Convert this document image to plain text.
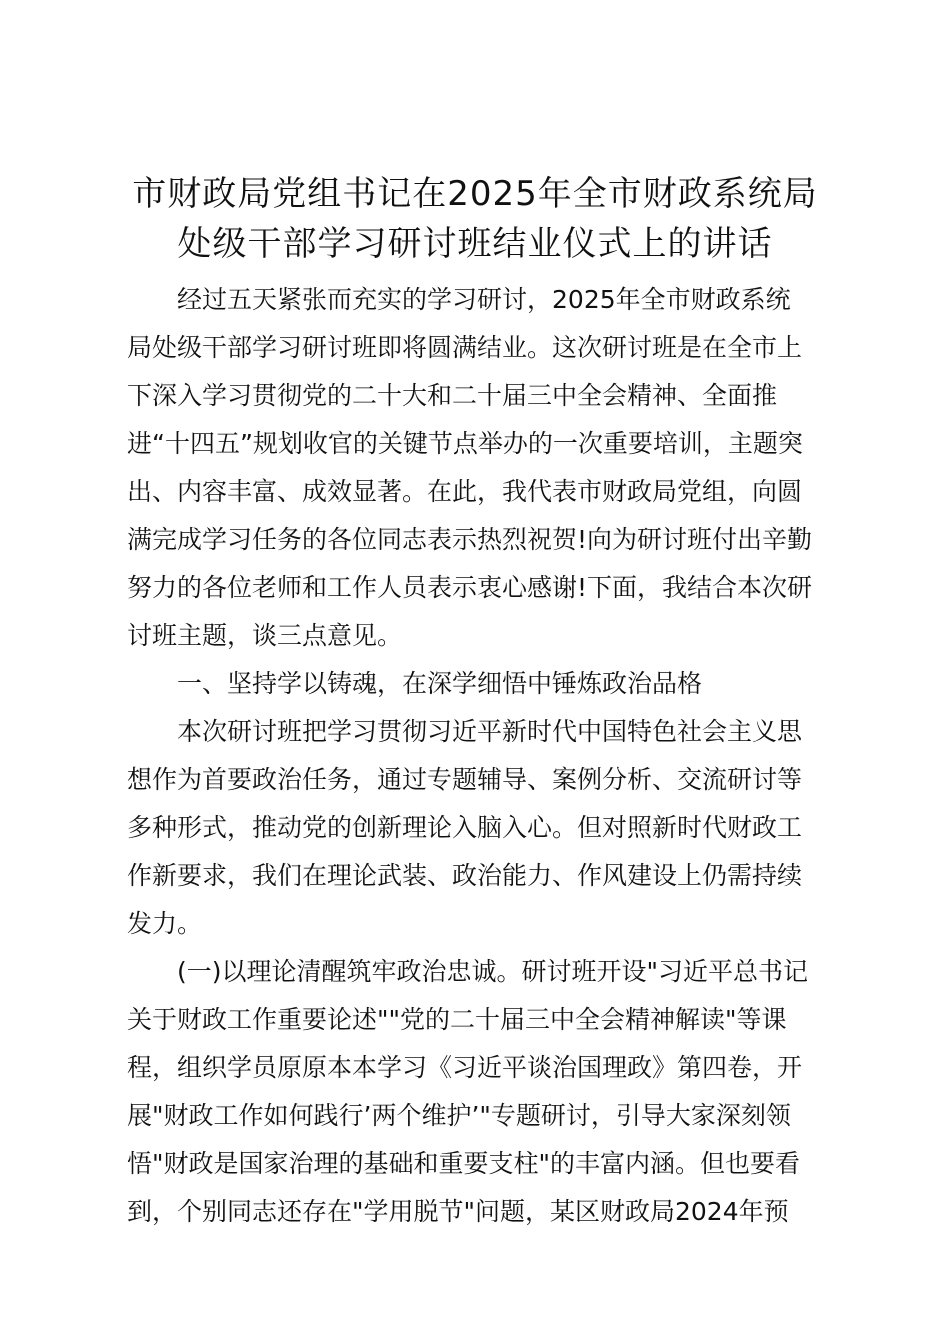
市财政局党组书记在2025年全市财政系统局
处级干部学习研讨班结业仪式上的讲话
经过五天紧张而充实的学习研讨，2025年全市财政系统
局处级干部学习研讨班即将圆满结业。这次研讨班是在全市上
下深入学习贯彻党的二十大和二十届三中全会精神、全面推
进“十四五”规划收官的关键节点举办的一次重要培训，主题突
出、内容丰富、成效显著。在此，我代表市财政局党组，向圆
满完成学习任务的各位同志表示热烈祝贺!向为研讨班付出辛勤
努力的各位老师和工作人员表示衷心感谢!下面，我结合本次研
讨班主题，谈三点意见。
一、坚持学以铸魂，在深学细悟中锤炼政治品格
本次研讨班把学习贯彻习近平新时代中国特色社会主义思
想作为首要政治任务，通过专题辅导、案例分析、交流研讨等
多种形式，推动党的创新理论入脑入心。但对照新时代财政工
作新要求，我们在理论武装、政治能力、作风建设上仍需持续
发力。
(一)以理论清醒筑牢政治忠诚。研讨班开设"习近平总书记
关于财政工作重要论述""党的二十届三中全会精神解读"等课
程，组织学员原原本本学习《习近平谈治国理政》第四卷，开
展"财政工作如何践行’两个维护’"专题研讨，引导大家深刻领
悟"财政是国家治理的基础和重要支柱"的丰富内涵。但也要看
到，个别同志还存在"学用脱节"问题，某区财政局2024年预
